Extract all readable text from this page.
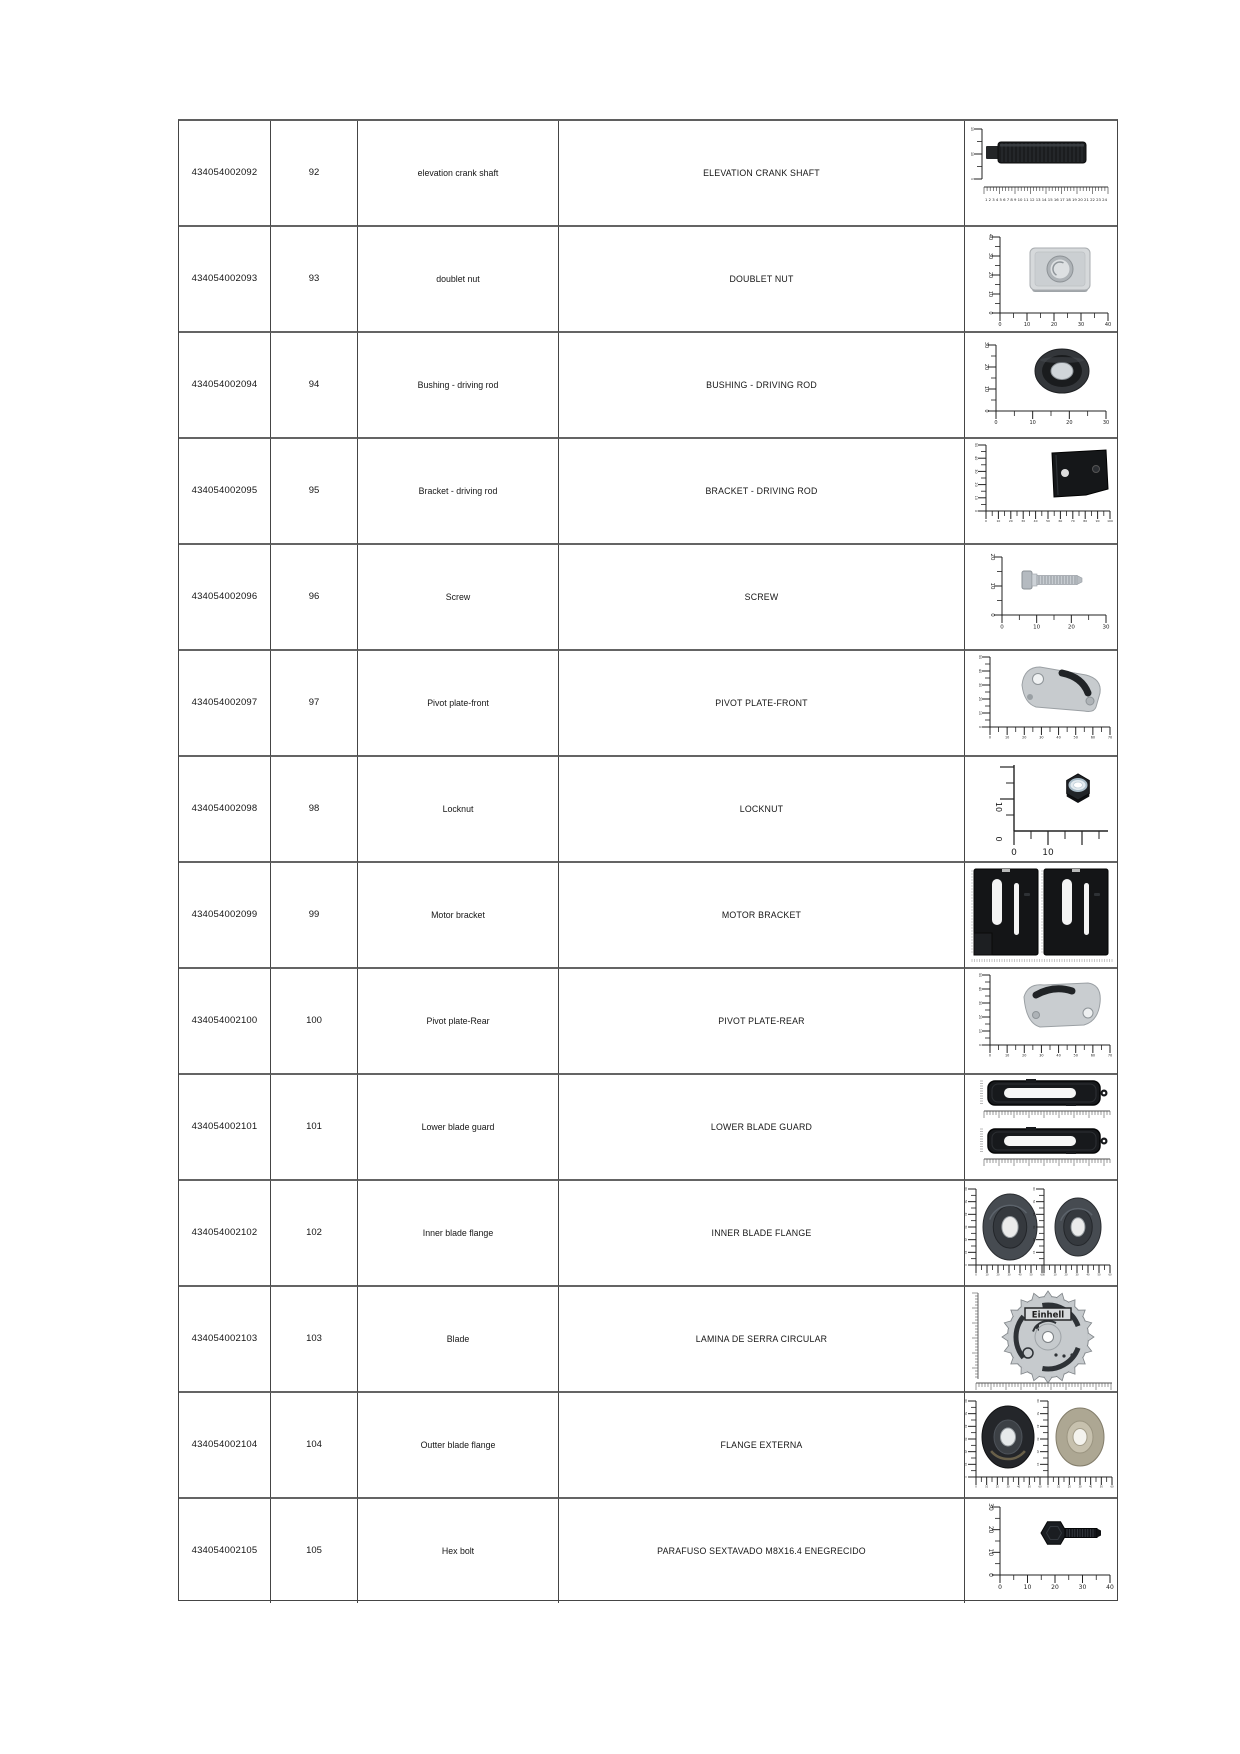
434054002092	92	elevation crank shaft	ELEVATION CRANK SHAFT
15
10
5
1 2 3 4 5 6 7 8 9 10 11 12 13 14 15 16 17 18 19 20 21 22 23 24
434054002093	93	doublet nut	DOUBLET NUT
40
30
20
10
0
0	10	20	30	40
434054002094	94	Bushing - driving rod	BUSHING - DRIVING ROD
30
20
10
0
0	10	20	30
434054002095	95	Bracket - driving rod	BRACKET - DRIVING ROD
50
40
30
20
10
0
0	10	20	30	40	50	60	70	80	90	100
434054002096	96	Screw	SCREW
20
10
0
0	10	20	30
434054002097	97	Pivot plate-front	PIVOT PLATE-FRONT
50
40
30
20
10
0
0	10	20	30	40	50	60	70
434054002098	98	Locknut	LOCKNUT	10
0
0	10
434054002099	99	Motor bracket	MOTOR BRACKET
434054002100	100	Pivot plate-Rear	PIVOT PLATE-REAR
50
40
30
20
10
0
0	10	20	30	40	50	60	70
434054002101	101	Lower blade guard	LOWER BLADE GUARD
434054002102	102	Inner blade flange	INNER BLADE FLANGE
60
50
40
30
20
10
0
0	10	20	30	40	50	60
60
50
40
30
20
10
0
0	10	20	30	40	50	60
434054002103	103	Blade	LAMINA DE SERRA CIRCULAR
Einhell
434054002104	104	Outter blade flange	FLANGE EXTERNA
60
50
40
30
20
10
0
0	10	20	30	40	50	60
60
50
40
30
20
10
0
0	10	20	30	40	50	60
434054002105	105	Hex bolt	PARAFUSO SEXTAVADO M8X16.4 ENEGRECIDO
30
20
10
0
0	10	20	30	40
